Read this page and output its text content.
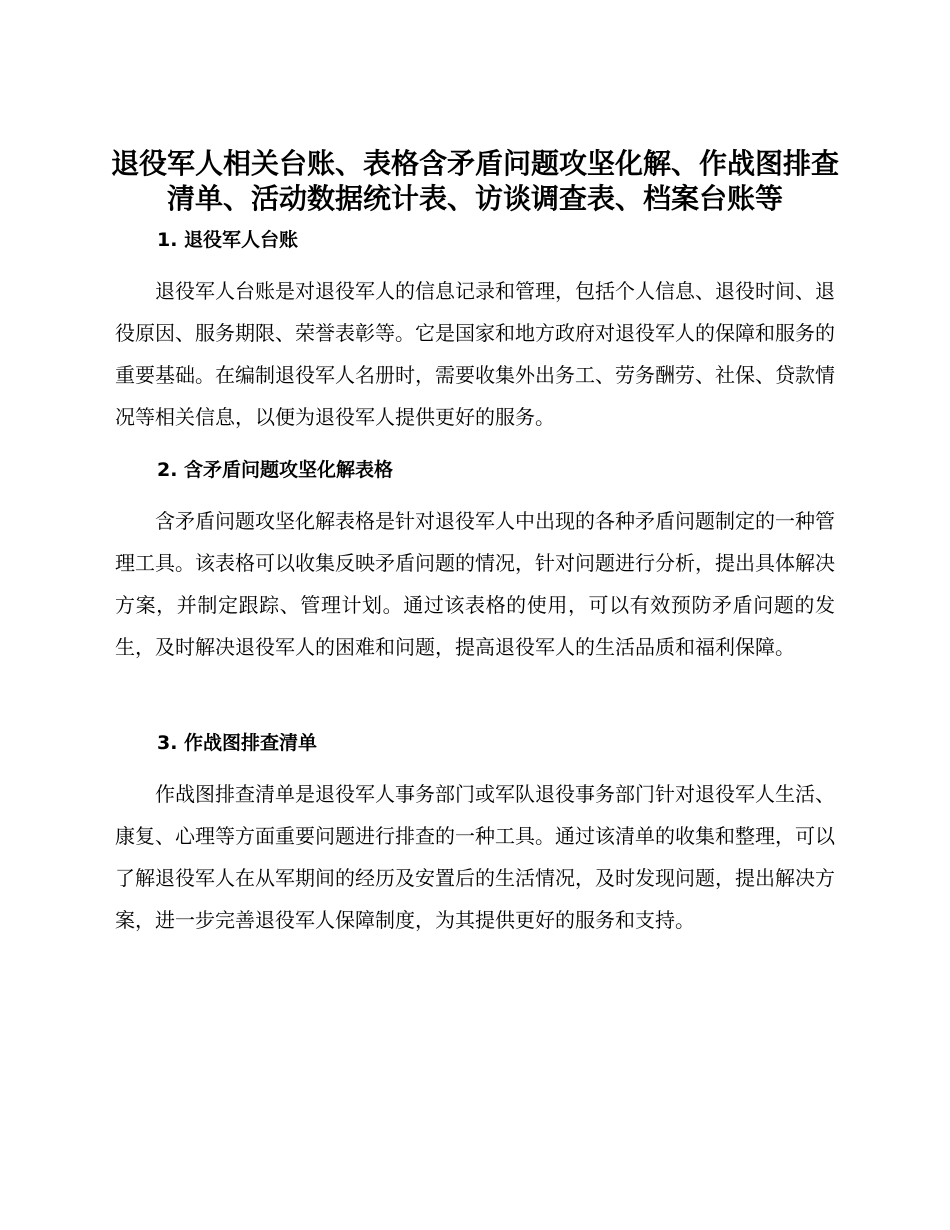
退役军人相关台账、表格含矛盾问题攻坚化解、作战图排查
清单、活动数据统计表、访谈调查表、档案台账等
1. 退役军人台账

退役军人台账是对退役军人的信息记录和管理，包括个人信息、退役时间、退役原因、服务期限、荣誉表彰等。它是国家和地方政府对退役军人的保障和服务的重要基础。在编制退役军人名册时，需要收集外出务工、劳务酬劳、社保、贷款情况等相关信息，以便为退役军人提供更好的服务。

2. 含矛盾问题攻坚化解表格

含矛盾问题攻坚化解表格是针对退役军人中出现的各种矛盾问题制定的一种管理工具。该表格可以收集反映矛盾问题的情况，针对问题进行分析，提出具体解决方案，并制定跟踪、管理计划。通过该表格的使用，可以有效预防矛盾问题的发生，及时解决退役军人的困难和问题，提高退役军人的生活品质和福利保障。

3. 作战图排查清单

作战图排查清单是退役军人事务部门或军队退役事务部门针对退役军人生活、康复、心理等方面重要问题进行排查的一种工具。通过该清单的收集和整理，可以了解退役军人在从军期间的经历及安置后的生活情况，及时发现问题，提出解决方案，进一步完善退役军人保障制度，为其提供更好的服务和支持。
